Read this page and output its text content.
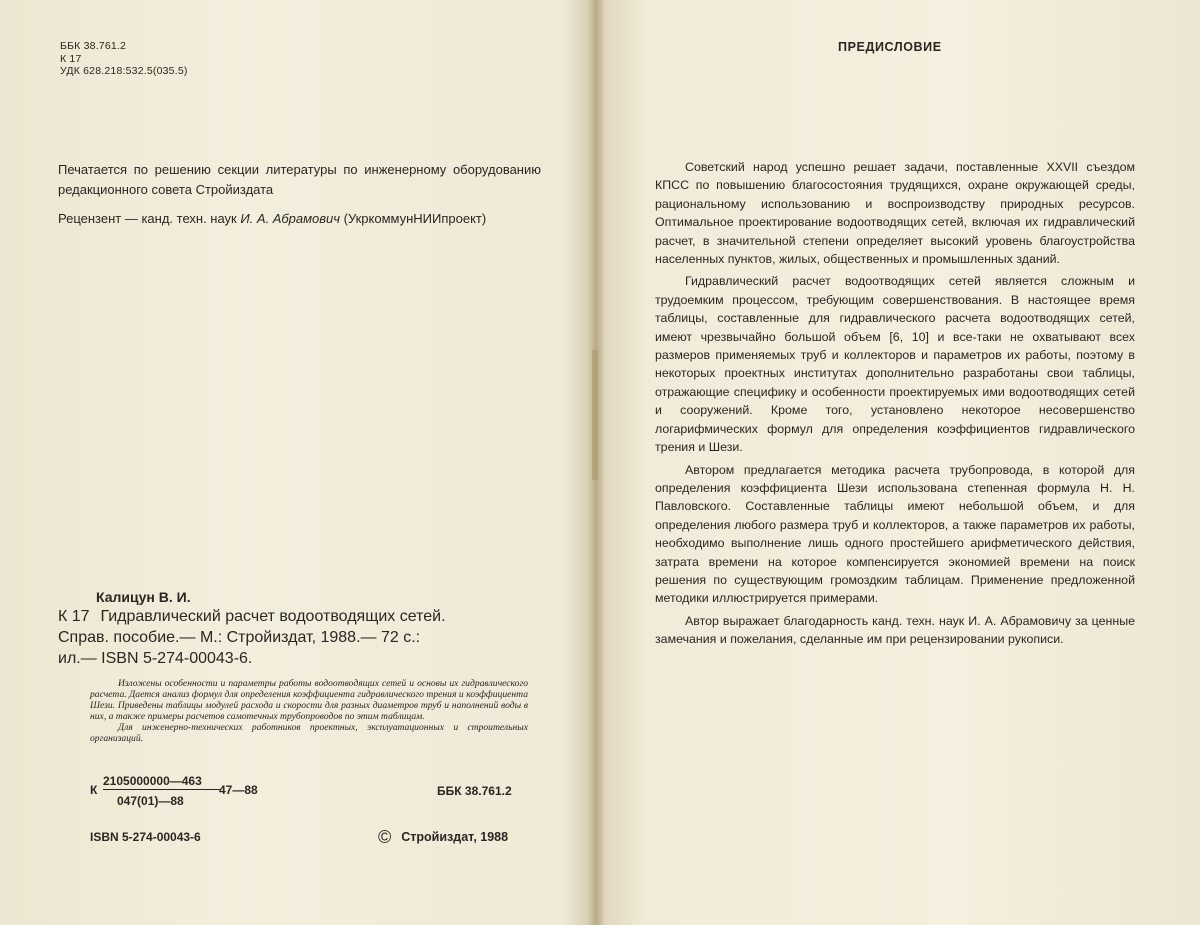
ББК 38.761.2
К 17
УДК 628.218:532.5(035.5)

Печатается по решению секции литературы по инженерному оборудованию редакционного совета Стройиздата

Рецензент — канд. техн. наук И. А. Абрамович (УкркоммунНИИпроект)

Калицун В. И.
К 17 Гидравлический расчет водоотводящих сетей.
Справ. пособие.— М.: Стройиздат, 1988.— 72 с.:
ил.— ISBN 5-274-00043-6.

Изложены особенности и параметры работы водоотводящих сетей и основы их гидравлического расчета. Дается анализ формул для определения коэффициента гидравлического трения и коэффициента Шези. Приведены таблицы модулей расхода и скорости для разных диаметров труб и наполнений воды в них, а также примеры расчетов самотечных трубопроводов по этим таблицам.

Для инженерно-технических работников проектных, эксплуатационных и строительных организаций.

К
2105000000—463
047(01)—88
47—88	ББК 38.761.2
ISBN 5-274-00043-6	© Стройиздат, 1988
ПРЕДИСЛОВИЕ

Советский народ успешно решает задачи, поставленные XXVII съездом КПСС по повышению благосостояния трудящихся, охране окружающей среды, рациональному использованию и воспроизводству природных ресурсов. Оптимальное проектирование водоотводящих сетей, включая их гидравлический расчет, в значительной степени определяет высокий уровень благоустройства населенных пунктов, жилых, общественных и промышленных зданий.

Гидравлический расчет водоотводящих сетей является сложным и трудоемким процессом, требующим совершенствования. В настоящее время таблицы, составленные для гидравлического расчета водоотводящих сетей, имеют чрезвычайно большой объем [6, 10] и все-таки не охватывают всех размеров применяемых труб и коллекторов и параметров их работы, поэтому в некоторых проектных институтах дополнительно разработаны свои таблицы, отражающие специфику и особенности проектируемых ими водоотводящих сетей и сооружений. Кроме того, установлено некоторое несовершенство логарифмических формул для определения коэффициентов гидравлического трения и Шези.

Автором предлагается методика расчета трубопровода, в которой для определения коэффициента Шези использована степенная формула Н. Н. Павловского. Составленные таблицы имеют небольшой объем, и для определения любого размера труб и коллекторов, а также параметров их работы, необходимо выполнение лишь одного простейшего арифметического действия, затрата времени на которое компенсируется экономией времени на поиск решения по существующим громоздким таблицам. Применение предложенной методики иллюстрируется примерами.

Автор выражает благодарность канд. техн. наук И. А. Абрамовичу за ценные замечания и пожелания, сделанные им при рецензировании рукописи.
